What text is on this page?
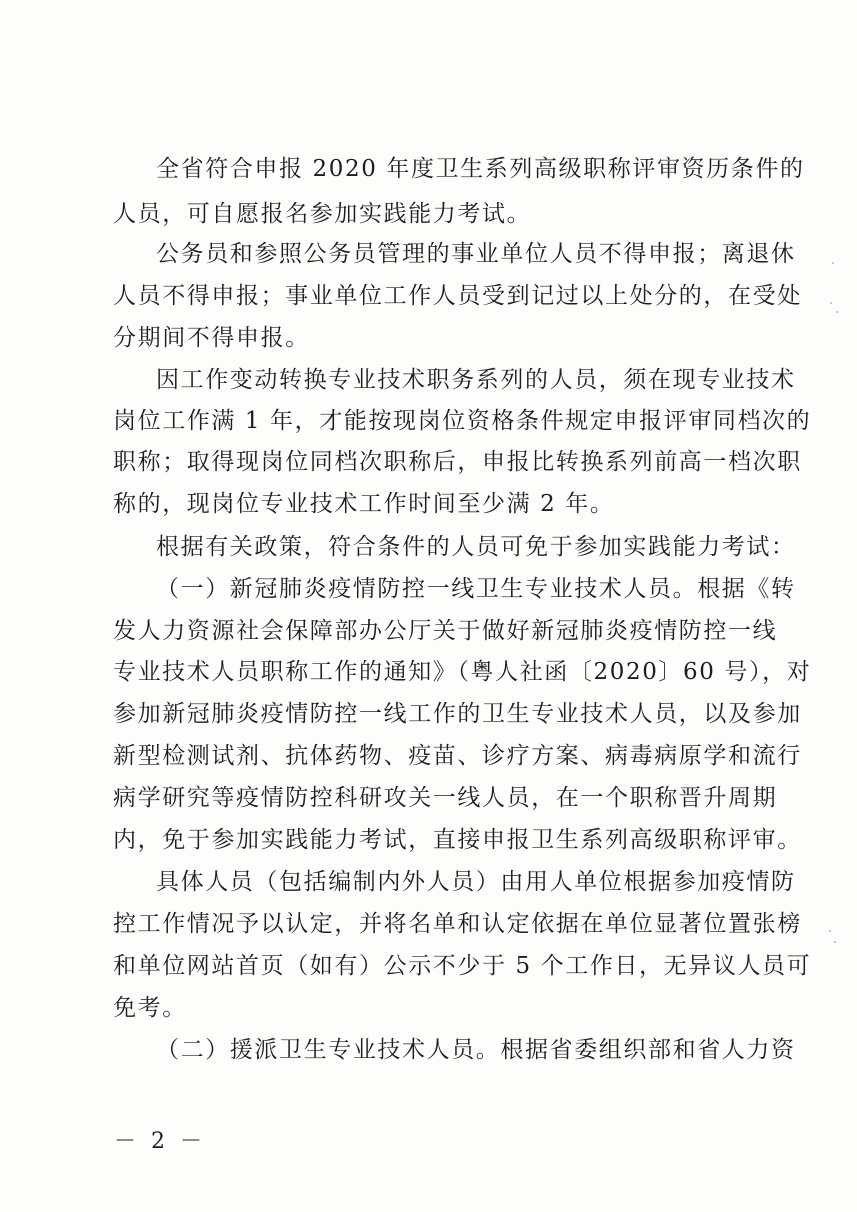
全省符合申报 2020 年度卫生系列高级职称评审资历条件的
人员，可自愿报名参加实践能力考试。
公务员和参照公务员管理的事业单位人员不得申报；离退休
人员不得申报；事业单位工作人员受到记过以上处分的，在受处
分期间不得申报。
因工作变动转换专业技术职务系列的人员，须在现专业技术
岗位工作满 1 年，才能按现岗位资格条件规定申报评审同档次的
职称；取得现岗位同档次职称后，申报比转换系列前高一档次职
称的，现岗位专业技术工作时间至少满 2 年。
根据有关政策，符合条件的人员可免于参加实践能力考试：
（一）新冠肺炎疫情防控一线卫生专业技术人员。根据《转
发人力资源社会保障部办公厅关于做好新冠肺炎疫情防控一线
专业技术人员职称工作的通知》（粤人社函〔2020〕60 号），对
参加新冠肺炎疫情防控一线工作的卫生专业技术人员，以及参加
新型检测试剂、抗体药物、疫苗、诊疗方案、病毒病原学和流行
病学研究等疫情防控科研攻关一线人员，在一个职称晋升周期
内，免于参加实践能力考试，直接申报卫生系列高级职称评审。
具体人员（包括编制内外人员）由用人单位根据参加疫情防
控工作情况予以认定，并将名单和认定依据在单位显著位置张榜
和单位网站首页（如有）公示不少于 5 个工作日，无异议人员可
免考。
（二）援派卫生专业技术人员。根据省委组织部和省人力资
－ 2 －
